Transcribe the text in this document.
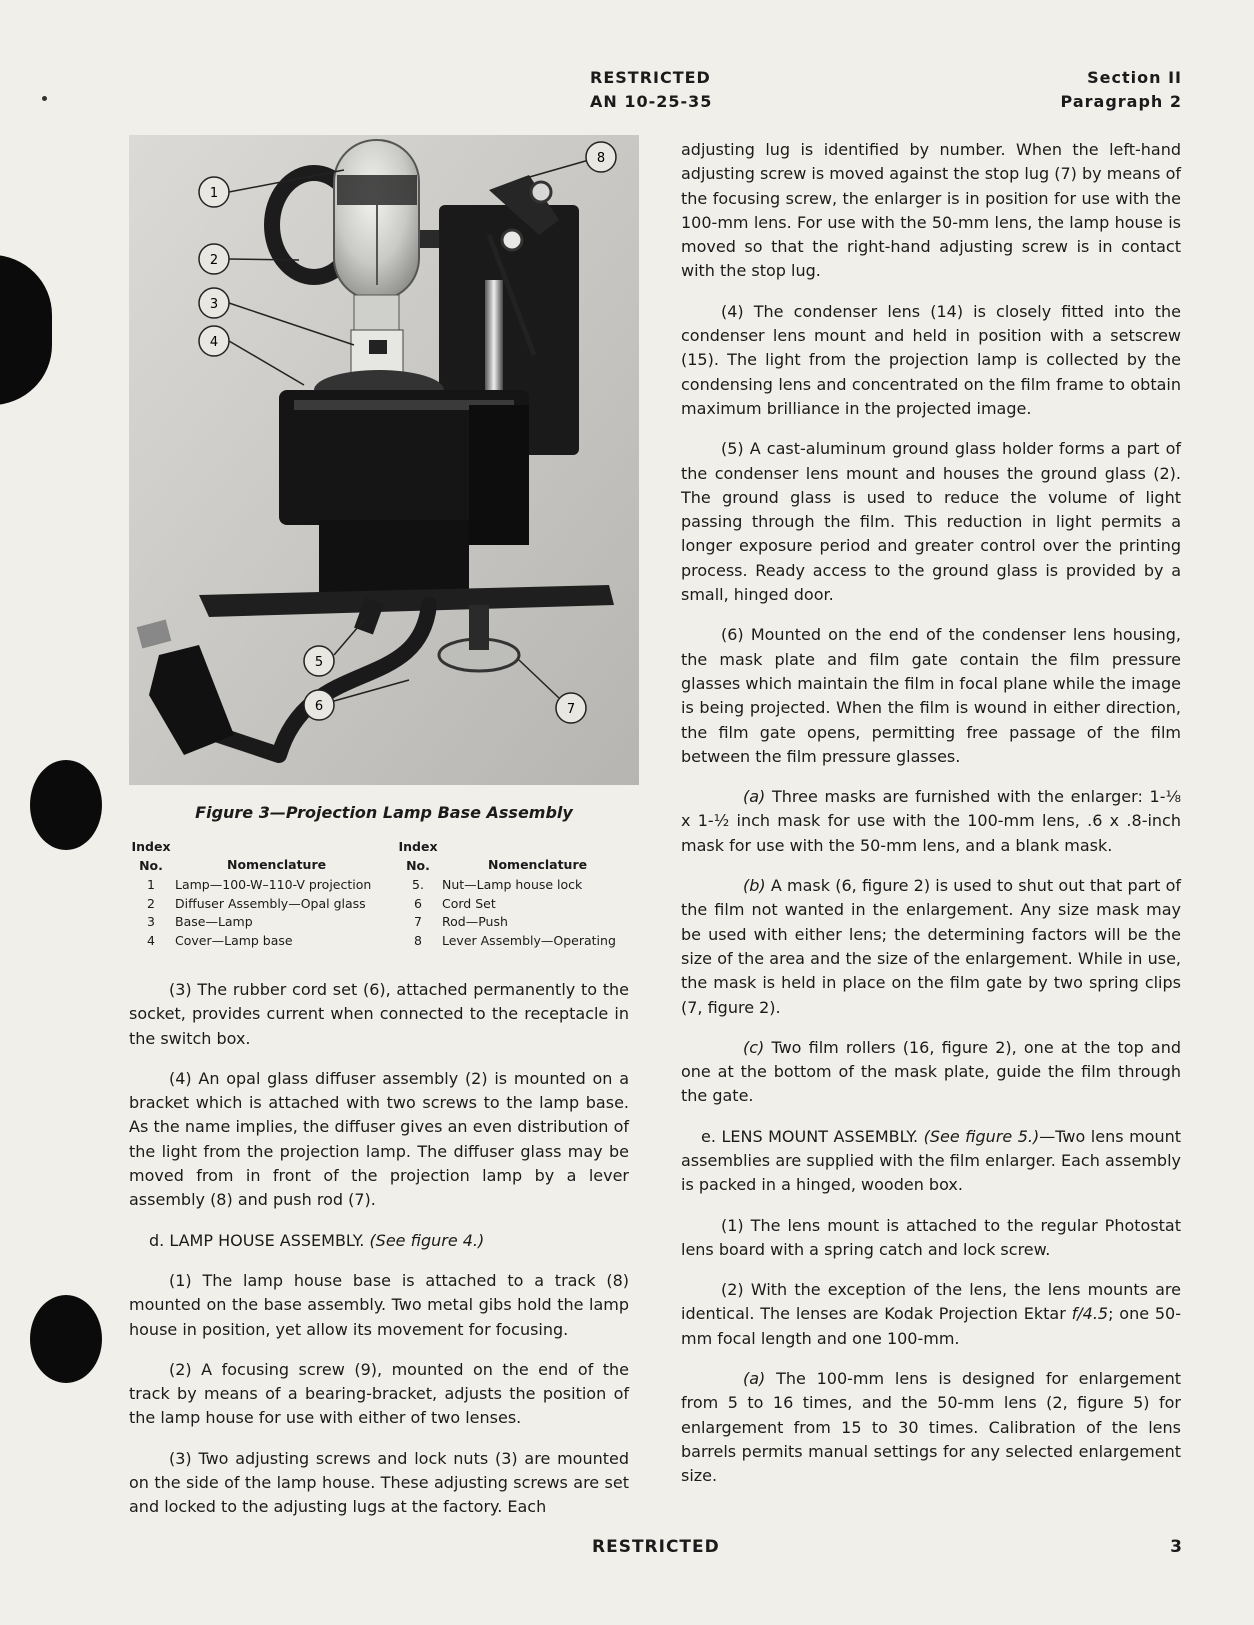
RESTRICTED
AN 10-25-35
Section II
Paragraph 2
1
2
3
4
5
6	7
8
Figure 3—Projection Lamp Base Assembly
Index
No.	Nomenclature
1	Lamp—100-W–110-V projection
2	Diffuser Assembly—Opal glass
3	Base—Lamp
4	Cover—Lamp base
Index
No.	Nomenclature
5.	Nut—Lamp house lock
6	Cord Set
7	Rod—Push
8	Lever Assembly—Operating

(3) The rubber cord set (6), attached permanently to the socket, provides current when connected to the receptacle in the switch box.

(4) An opal glass diffuser assembly (2) is mounted on a bracket which is attached with two screws to the lamp base. As the name implies, the diffuser gives an even distribution of the light from the projection lamp. The diffuser glass may be moved from in front of the projection lamp by a lever assembly (8) and push rod (7).

d. LAMP HOUSE ASSEMBLY. (See figure 4.)

(1) The lamp house base is attached to a track (8) mounted on the base assembly. Two metal gibs hold the lamp house in position, yet allow its movement for focusing.

(2) A focusing screw (9), mounted on the end of the track by means of a bearing-bracket, adjusts the position of the lamp house for use with either of two lenses.

(3) Two adjusting screws and lock nuts (3) are mounted on the side of the lamp house. These adjusting screws are set and locked to the adjusting lugs at the factory. Each

adjusting lug is identified by number. When the left-hand adjusting screw is moved against the stop lug (7) by means of the focusing screw, the enlarger is in position for use with the 100-mm lens. For use with the 50-mm lens, the lamp house is moved so that the right-hand adjusting screw is in contact with the stop lug.

(4) The condenser lens (14) is closely fitted into the condenser lens mount and held in position with a setscrew (15). The light from the projection lamp is collected by the condensing lens and concentrated on the film frame to obtain maximum brilliance in the projected image.

(5) A cast-aluminum ground glass holder forms a part of the condenser lens mount and houses the ground glass (2). The ground glass is used to reduce the volume of light passing through the film. This reduction in light permits a longer exposure period and greater control over the printing process. Ready access to the ground glass is provided by a small, hinged door.

(6) Mounted on the end of the condenser lens housing, the mask plate and film gate contain the film pressure glasses which maintain the film in focal plane while the image is being projected. When the film is wound in either direction, the film gate opens, permitting free passage of the film between the film pressure glasses.

(a) Three masks are furnished with the enlarger: 1-⅛ x 1-½ inch mask for use with the 100-mm lens, .6 x .8-inch mask for use with the 50-mm lens, and a blank mask.

(b) A mask (6, figure 2) is used to shut out that part of the film not wanted in the enlargement. Any size mask may be used with either lens; the determining factors will be the size of the area and the size of the enlargement. While in use, the mask is held in place on the film gate by two spring clips (7, figure 2).

(c) Two film rollers (16, figure 2), one at the top and one at the bottom of the mask plate, guide the film through the gate.

e. LENS MOUNT ASSEMBLY. (See figure 5.)—Two lens mount assemblies are supplied with the film enlarger. Each assembly is packed in a hinged, wooden box.

(1) The lens mount is attached to the regular Photostat lens board with a spring catch and lock screw.

(2) With the exception of the lens, the lens mounts are identical. The lenses are Kodak Projection Ektar f/4.5; one 50-mm focal length and one 100-mm.

(a) The 100-mm lens is designed for enlargement from 5 to 16 times, and the 50-mm lens (2, figure 5) for enlargement from 15 to 30 times. Calibration of the lens barrels permits manual settings for any selected enlargement size.

RESTRICTED	3
